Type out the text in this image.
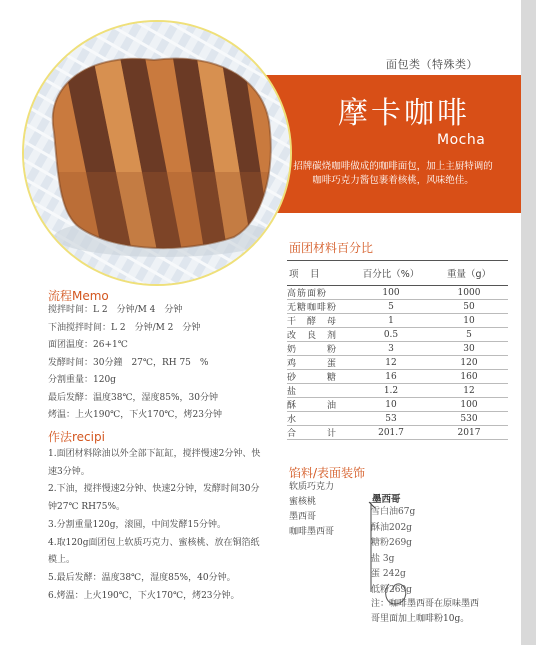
面包类（特殊类）
摩卡咖啡
Mocha
招牌碳烧咖啡做成的咖啡面包，加上主厨特调的咖啡巧克力酱包裹着核桃，风味绝佳。
流程Memo
搅拌时间：L 2　分钟/M 4　分钟
下油搅拌时间：L 2　分钟/M 2　分钟
面团温度：26+1℃
发酵时间：30分鐘　27℃，RH 75　%
分割重量：120g
最后发酵：温度38℃，湿度85%，30分钟
烤温：上火190℃，下火170℃，烤23分钟
作法recipi
1.面团材料除油以外全部下缸缸，搅拌慢速2分钟、快速3分钟。
2.下油，搅拌慢速2分钟、快速2分钟，发酵时间30分钟27℃ RH75%。
3.分割重量120g，滚圆，中间发酵15分钟。
4.取120g面团包上软质巧克力、蜜核桃、放在铜箔纸模上。
5.最后发酵：温度38℃，湿度85%，40分钟。
6.烤温：上火190℃，下火170℃，烤23分钟。
面团材料百分比
项　目	百分比（%）	重量（g）
高筋面粉	100	1000
无糖咖啡粉	5	50
干　酵　母	1	10
改　良　剂	0.5	5
奶　　　粉	3	30
鸡　　　蛋	12	120
砂　　　糖	16	160
盐	1.2	12
酥　　　油	10	100
水	53	530
合　　　计	201.7	2017
馅料/表面装饰
软质巧克力
蜜核桃
墨西哥
咖啡墨西哥
墨西哥
雪白油67g
酥油202g
糖粉269g
盐 3g
蛋 242g
低粉269g
注：咖啡墨西哥在原味墨西哥里面加上咖啡粉10g。
